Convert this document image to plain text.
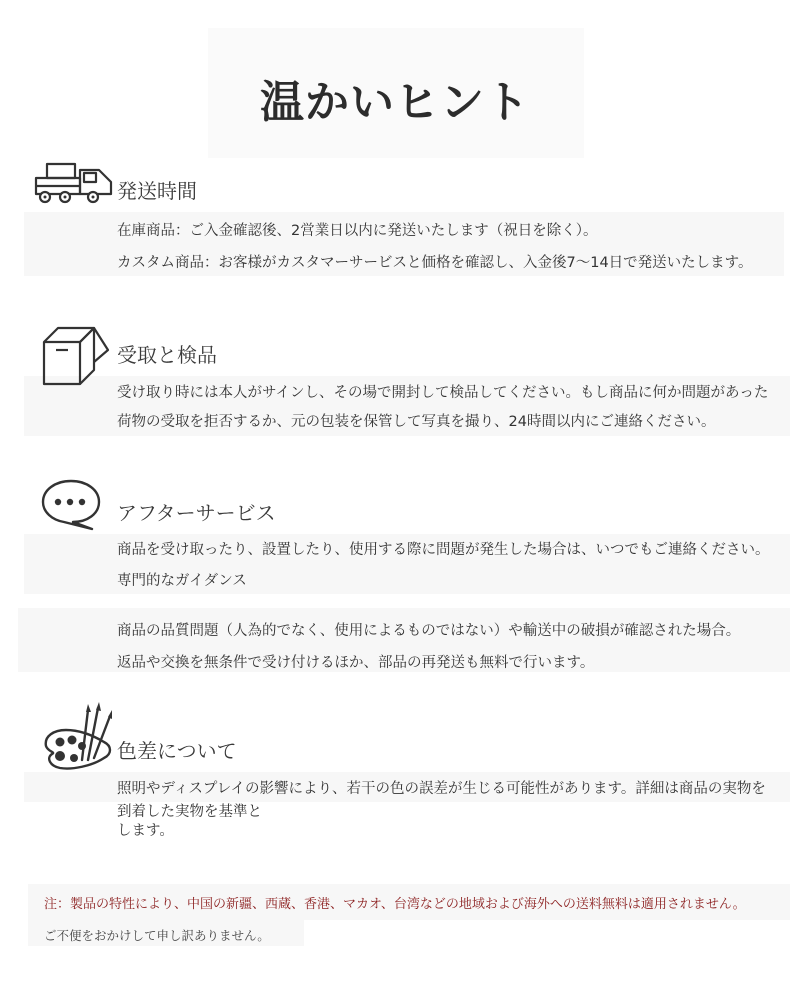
温かいヒント
発送時間
在庫商品：ご入金確認後、2営業日以内に発送いたします（祝日を除く）。
カスタム商品：お客様がカスタマーサービスと価格を確認し、入金後7〜14日で発送いたします。
受取と検品
受け取り時には本人がサインし、その場で開封して検品してください。もし商品に何か問題があった
荷物の受取を拒否するか、元の包装を保管して写真を撮り、24時間以内にご連絡ください。
アフターサービス
商品を受け取ったり、設置したり、使用する際に問題が発生した場合は、いつでもご連絡ください。
専門的なガイダンス
商品の品質問題（人為的でなく、使用によるものではない）や輸送中の破損が確認された場合。
返品や交換を無条件で受け付けるほか、部品の再発送も無料で行います。
色差について
照明やディスプレイの影響により、若干の色の誤差が生じる可能性があります。詳細は商品の実物を
到着した実物を基準と
します。
注：製品の特性により、中国の新疆、西蔵、香港、マカオ、台湾などの地域および海外への送料無料は適用されません。
ご不便をおかけして申し訳ありません。
